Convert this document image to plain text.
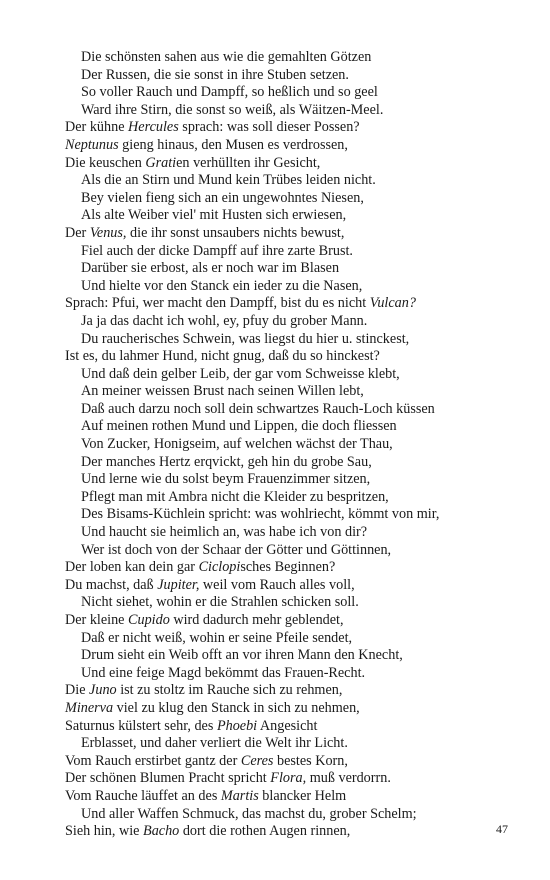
Die schönsten sahen aus wie die gemahlten Götzen
Der Russen, die sie sonst in ihre Stuben setzen.
So voller Rauch und Dampff, so heßlich und so geel
Ward ihre Stirn, die sonst so weiß, als Wäitzen-Meel.
Der kühne Hercules sprach: was soll dieser Possen?
Neptunus gieng hinaus, den Musen es verdrossen,
Die keuschen Gratien verhüllten ihr Gesicht,
Als die an Stirn und Mund kein Trübes leiden nicht.
Bey vielen fieng sich an ein ungewohntes Niesen,
Als alte Weiber viel' mit Husten sich erwiesen,
Der Venus, die ihr sonst unsaubers nichts bewust,
Fiel auch der dicke Dampff auf ihre zarte Brust.
Darüber sie erbost, als er noch war im Blasen
Und hielte vor den Stanck ein ieder zu die Nasen,
Sprach: Pfui, wer macht den Dampff, bist du es nicht Vulcan?
Ja ja das dacht ich wohl, ey, pfuy du grober Mann.
Du raucherisches Schwein, was liegst du hier u. stinckest,
Ist es, du lahmer Hund, nicht gnug, daß du so hinckest?
Und daß dein gelber Leib, der gar vom Schweisse klebt,
An meiner weissen Brust nach seinen Willen lebt,
Daß auch darzu noch soll dein schwartzes Rauch-Loch küssen
Auf meinen rothen Mund und Lippen, die doch fliessen
Von Zucker, Honigseim, auf welchen wächst der Thau,
Der manches Hertz erqvickt, geh hin du grobe Sau,
Und lerne wie du solst beym Frauenzimmer sitzen,
Pflegt man mit Ambra nicht die Kleider zu bespritzen,
Des Bisams-Küchlein spricht: was wohlriecht, kömmt von mir,
Und haucht sie heimlich an, was habe ich von dir?
Wer ist doch von der Schaar der Götter und Göttinnen,
Der loben kan dein gar Ciclopisches Beginnen?
Du machst, daß Jupiter, weil vom Rauch alles voll,
Nicht siehet, wohin er die Strahlen schicken soll.
Der kleine Cupido wird dadurch mehr geblendet,
Daß er nicht weiß, wohin er seine Pfeile sendet,
Drum sieht ein Weib offt an vor ihren Mann den Knecht,
Und eine feige Magd bekömmt das Frauen-Recht.
Die Juno ist zu stoltz im Rauche sich zu rehmen,
Minerva viel zu klug den Stanck in sich zu nehmen,
Saturnus külstert sehr, des Phoebi Angesicht
Erblasset, und daher verliert die Welt ihr Licht.
Vom Rauch erstirbet gantz der Ceres bestes Korn,
Der schönen Blumen Pracht spricht Flora, muß verdorrn.
Vom Rauche läuffet an des Martis blancker Helm
Und aller Waffen Schmuck, das machst du, grober Schelm;
Sieh hin, wie Bacho dort die rothen Augen rinnen,	47
